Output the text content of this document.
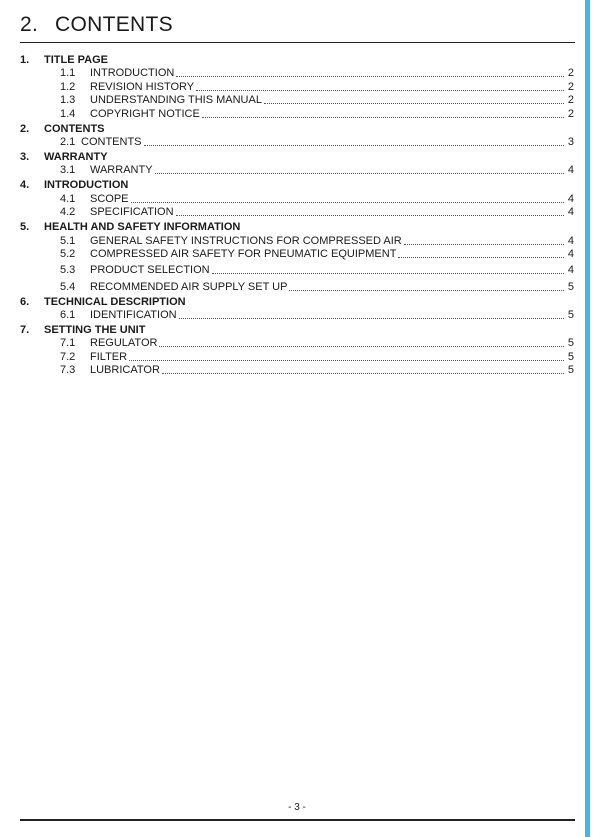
2. CONTENTS
1.	TITLE PAGE
1.1	INTRODUCTION	2
1.2	REVISION HISTORY	2
1.3	UNDERSTANDING THIS MANUAL	2
1.4	COPYRIGHT NOTICE	2
2.	CONTENTS
2.1 CONTENTS	3
3.	WARRANTY
3.1	WARRANTY	4
4.	INTRODUCTION
4.1	SCOPE	4
4.2	SPECIFICATION	4
5.	HEALTH AND SAFETY INFORMATION
5.1	GENERAL SAFETY INSTRUCTIONS FOR COMPRESSED AIR	4
5.2	COMPRESSED AIR SAFETY FOR PNEUMATIC EQUIPMENT	4
5.3	PRODUCT SELECTION	4
5.4	RECOMMENDED AIR SUPPLY SET UP	5
6.	TECHNICAL DESCRIPTION
6.1	IDENTIFICATION	5
7.	SETTING THE UNIT
7.1	REGULATOR	5
7.2	FILTER	5
7.3	LUBRICATOR	5
- 3 -
